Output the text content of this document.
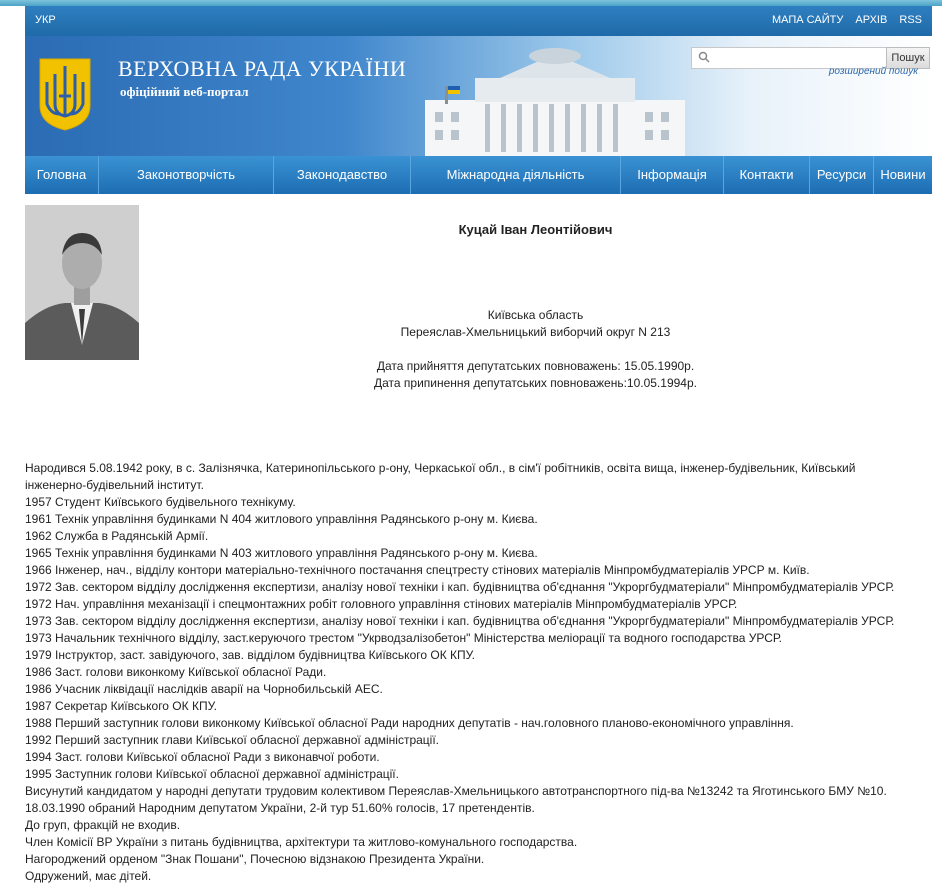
УКР	МАПА САЙТУ АРХІВ RSS
ВЕРХОВНА РАДА УКРАЇНИ
офіційний веб-портал
Пошук
розширений пошук
Головна	Законотворчість	Законодавство	Міжнародна діяльність	Інформація	Контакти	Ресурси	Новини
Куцай Іван Леонтійович
Київська область
Переяслав-Хмельницький виборчий округ N 213
Дата прийняття депутатських повноважень: 15.05.1990р.
Дата припинення депутатських повноважень:10.05.1994р.
Народився 5.08.1942 року, в с. Залізнячка, Катеринопільського р-ону, Черкаської обл., в сім'ї робітників, освіта вища, інженер-будівельник, Київський інженерно-будівельний інститут.
1957 Студент Київського будівельного технікуму.
1961 Технік управління будинками N 404 житлового управління Радянського р-ону м. Києва.
1962 Служба в Радянській Армії.
1965 Технік управління будинками N 403 житлового управління Радянського р-ону м. Києва.
1966 Інженер, нач., відділу контори матеріально-технічного постачання спецтресту стінових матеріалів Мінпромбудматеріалів УРСР м. Київ.
1972 Зав. сектором відділу дослідження експертизи, аналізу нової техніки і кап. будівництва об'єднання "Укроргбудматеріали" Мінпромбудматеріалів УРСР.
1972 Нач. управління механізації і спецмонтажних робіт головного управління стінових матеріалів Мінпромбудматеріалів УРСР.
1973 Зав. сектором відділу дослідження експертизи, аналізу нової техніки і кап. будівництва об'єднання "Укроргбудматеріали" Мінпромбудматеріалів УРСР.
1973 Начальник технічного відділу, заст.керуючого трестом "Укрводзалізобетон" Міністерства меліорації та водного господарства УРСР.
1979 Інструктор, заст. завідуючого, зав. відділом будівництва Київського ОК КПУ.
1986 Заст. голови виконкому Київської обласної Ради.
1986 Учасник ліквідації наслідків аварії на Чорнобильській АЕС.
1987 Секретар Київського ОК КПУ.
1988 Перший заступник голови виконкому Київської обласної Ради народних депутатів - нач.головного планово-економічного управління.
1992 Перший заступник глави Київської обласної державної адміністрації.
1994 Заст. голови Київської обласної Ради з виконавчої роботи.
1995 Заступник голови Київської обласної державної адміністрації.
Висунутий кандидатом у народні депутати трудовим колективом Переяслав-Хмельницького автотранспортного під-ва №13242 та Яготинського БМУ №10.
18.03.1990 обраний Народним депутатом України, 2-й тур 51.60% голосів, 17 претендентів.
До груп, фракцій не входив.
Член Комісії ВР України з питань будівництва, архітектури та житлово-комунального господарства.
Нагороджений орденом "Знак Пошани", Почесною відзнакою Президента України.
Одружений, має дітей.
